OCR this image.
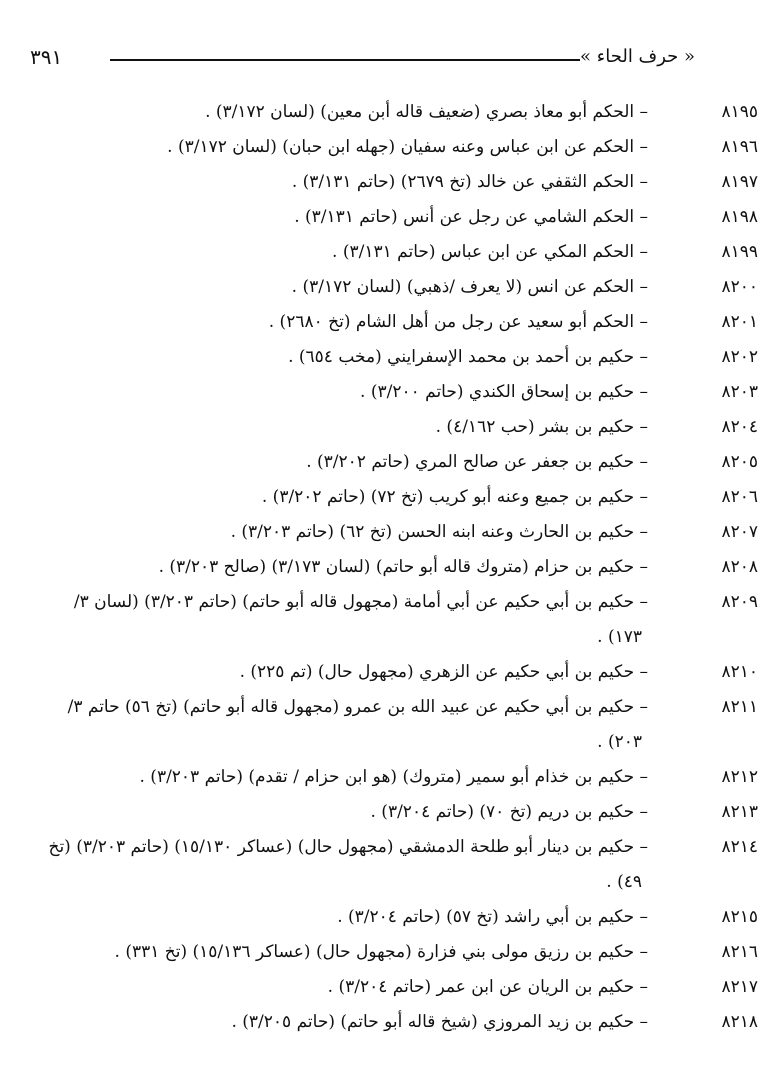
٣٩١	« حرف الحاء »
٨١٩٥– الحكم أبو معاذ بصري (ضعيف قاله أبن معين) (لسان ٣/١٧٢) .
٨١٩٦– الحكم عن ابن عباس وعنه سفيان (جهله ابن حبان) (لسان ٣/١٧٢) .
٨١٩٧– الحكم الثقفي عن خالد (تخ ٢٦٧٩) (حاتم ٣/١٣١) .
٨١٩٨– الحكم الشامي عن رجل عن أنس (حاتم ٣/١٣١) .
٨١٩٩– الحكم المكي عن ابن عباس (حاتم ٣/١٣١) .
٨٢٠٠– الحكم عن انس (لا يعرف /ذهبي) (لسان ٣/١٧٢) .
٨٢٠١– الحكم أبو سعيد عن رجل من أهل الشام (تخ ٢٦٨٠) .
٨٢٠٢– حكيم بن أحمد بن محمد الإسفرايني (مخب ٦٥٤) .
٨٢٠٣– حكيم بن إسحاق الكندي (حاتم ٣/٢٠٠) .
٨٢٠٤– حكيم بن بشر (حب ٤/١٦٢) .
٨٢٠٥– حكيم بن جعفر عن صالح المري (حاتم ٣/٢٠٢) .
٨٢٠٦– حكيم بن جميع وعنه أبو كريب (تخ ٧٢) (حاتم ٣/٢٠٢) .
٨٢٠٧– حكيم بن الحارث وعنه ابنه الحسن (تخ ٦٢) (حاتم ٣/٢٠٣) .
٨٢٠٨– حكيم بن حزام (متروك قاله أبو حاتم) (لسان ٣/١٧٣) (صالح ٣/٢٠٣) .
٨٢٠٩– حكيم بن أبي حكيم عن أبي أمامة (مجهول قاله أبو حاتم) (حاتم ٣/٢٠٣) (لسان ٣/ ١٧٣) .
٨٢١٠– حكيم بن أبي حكيم عن الزهري (مجهول حال) (تم ٢٢٥) .
٨٢١١– حكيم بن أبي حكيم عن عبيد الله بن عمرو (مجهول قاله أبو حاتم) (تخ ٥٦) حاتم ٣/ ٢٠٣) .
٨٢١٢– حكيم بن خذام أبو سمير (متروك) (هو ابن حزام / تقدم) (حاتم ٣/٢٠٣) .
٨٢١٣– حكيم بن دريم (تخ ٧٠) (حاتم ٣/٢٠٤) .
٨٢١٤– حكيم بن دينار أبو طلحة الدمشقي (مجهول حال) (عساكر ١٥/١٣٠) (حاتم ٣/٢٠٣) (تخ ٤٩) .
٨٢١٥– حكيم بن أبي راشد (تخ ٥٧) (حاتم ٣/٢٠٤) .
٨٢١٦– حكيم بن رزيق مولى بني فزارة (مجهول حال) (عساكر ١٥/١٣٦) (تخ ٣٣١) .
٨٢١٧– حكيم بن الريان عن ابن عمر (حاتم ٣/٢٠٤) .
٨٢١٨– حكيم بن زيد المروزي (شيخ قاله أبو حاتم) (حاتم ٣/٢٠٥) .
